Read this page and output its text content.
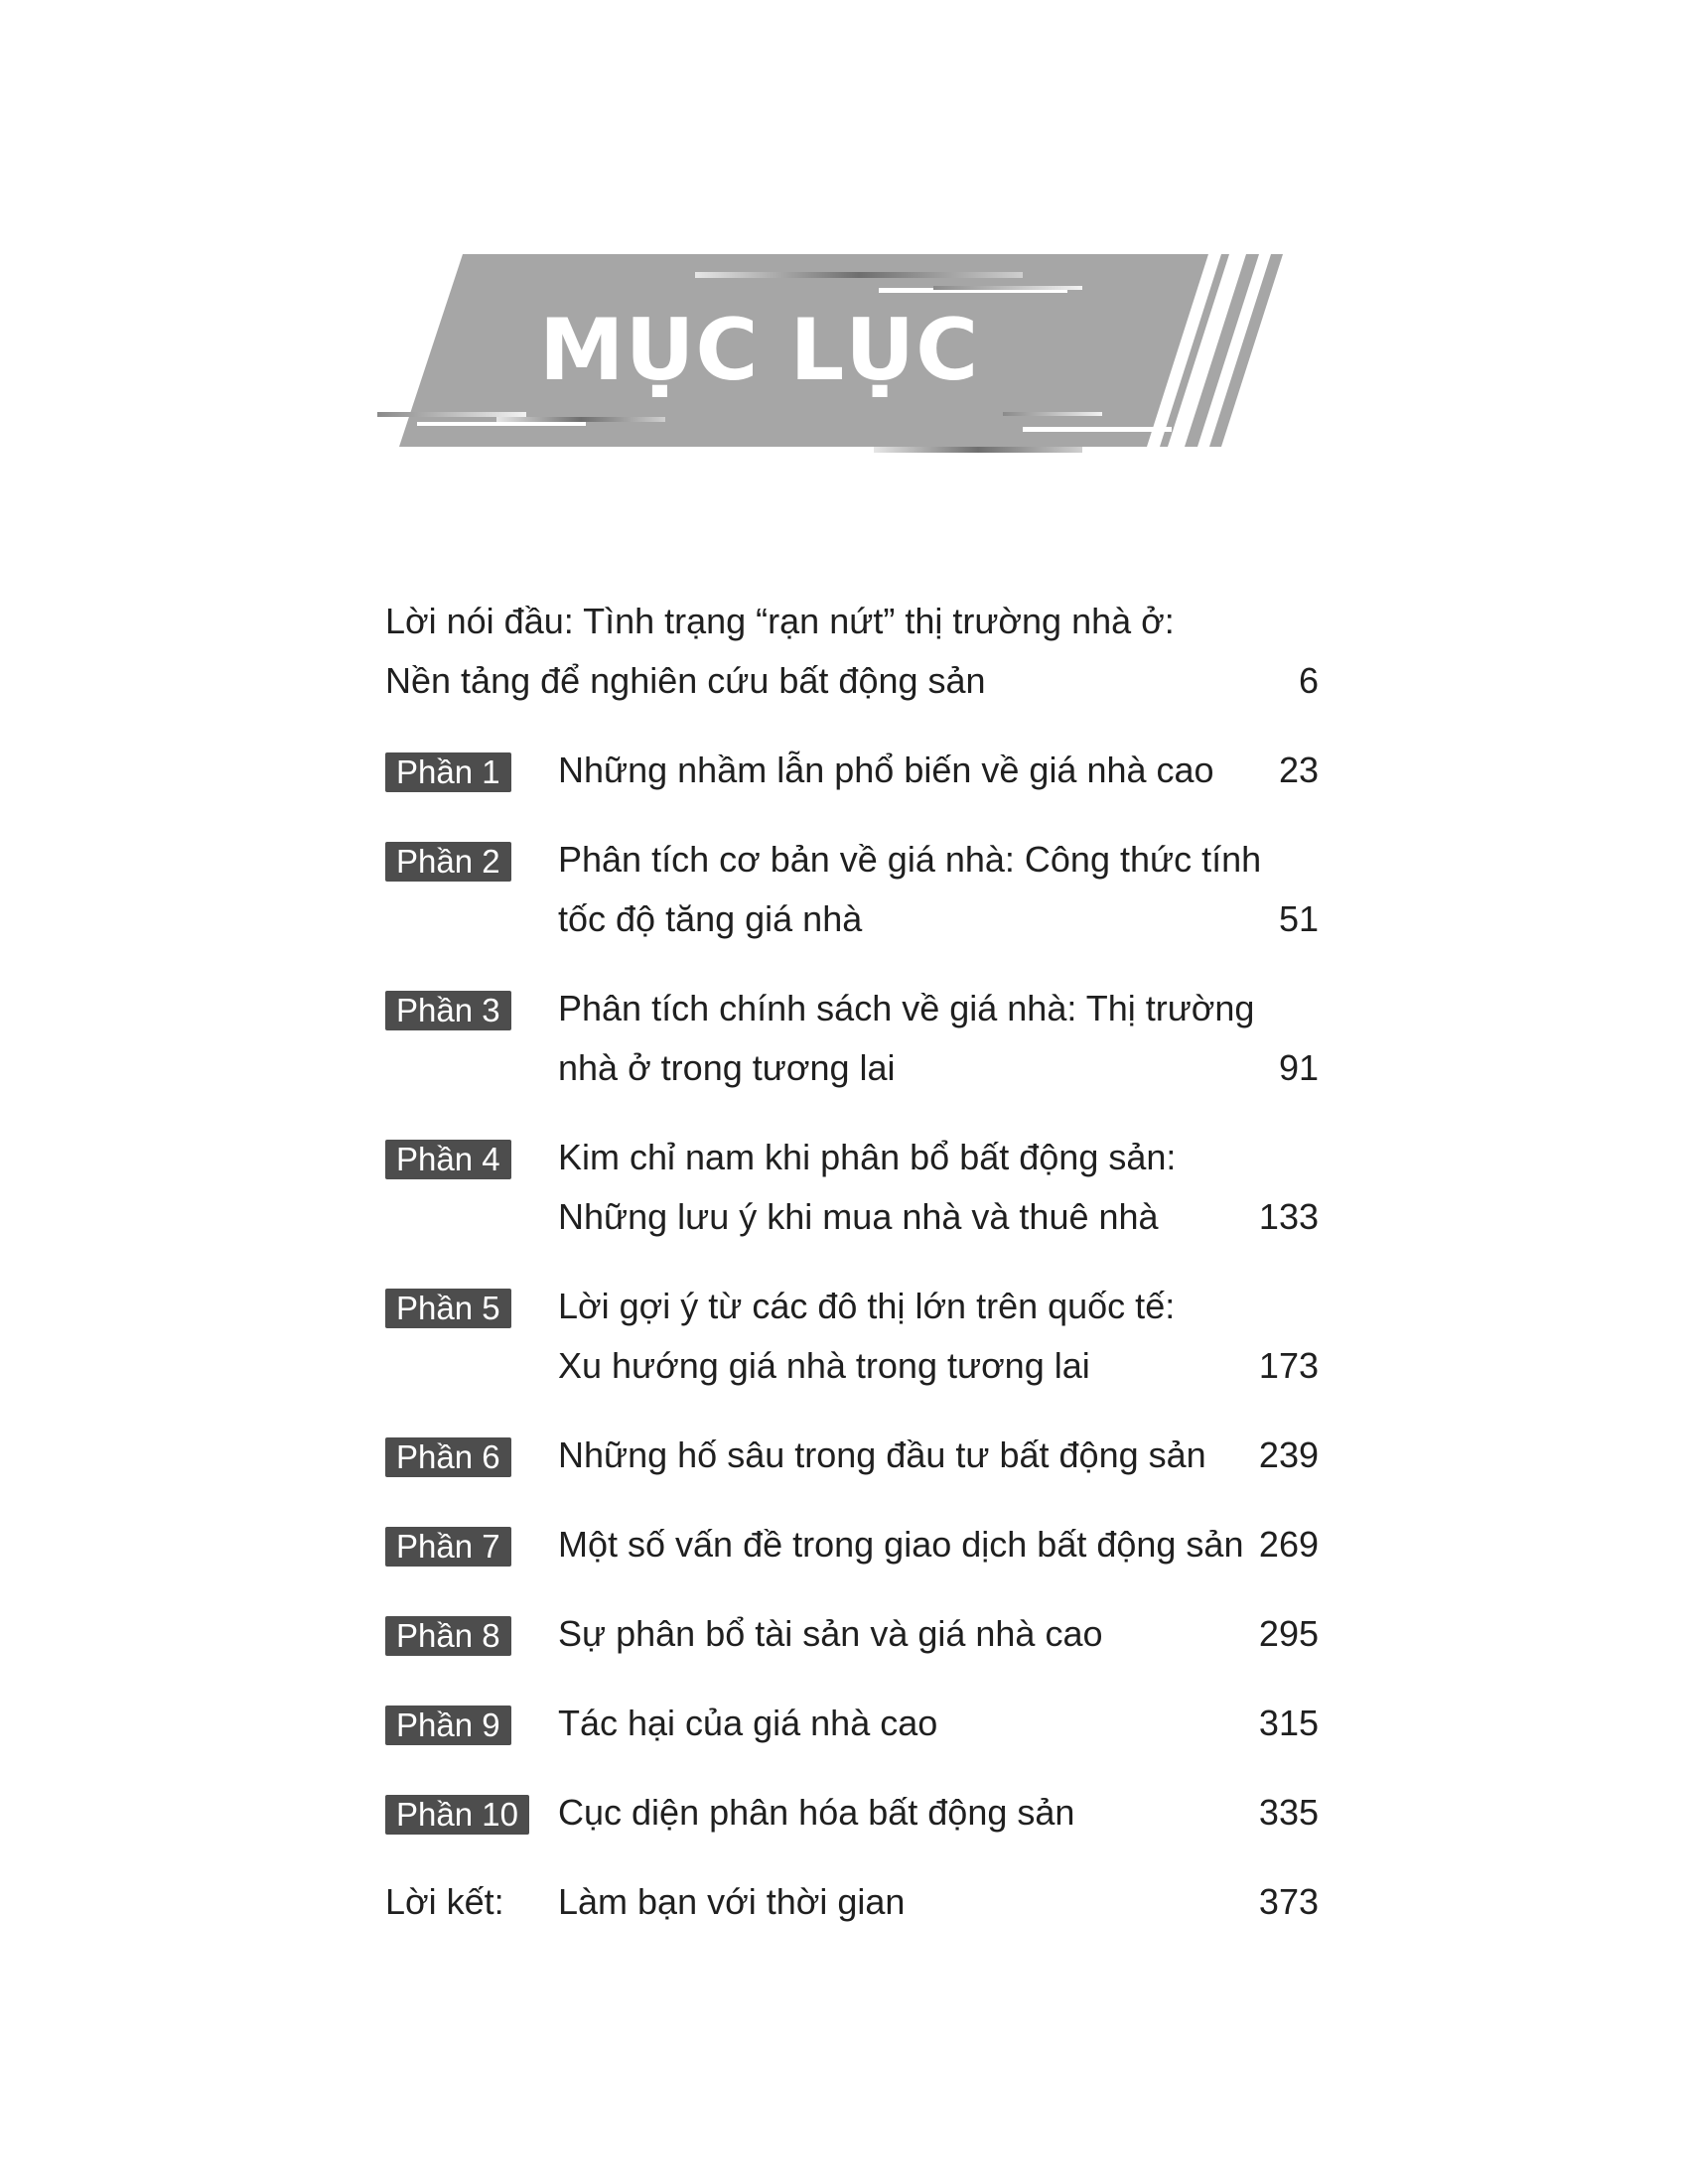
MỤC LỤC
Lời nói đầu: Tình trạng “rạn nứt” thị trường nhà ở:
Nền tảng để nghiên cứu bất động sản	6
Phần 1	Những nhầm lẫn phổ biến về giá nhà cao 23
Phần 2	Phân tích cơ bản về giá nhà: Công thức tính
tốc độ tăng giá nhà	51
Phần 3	Phân tích chính sách về giá nhà: Thị trường
nhà ở trong tương lai	91
Phần 4	Kim chỉ nam khi phân bổ bất động sản:
Những lưu ý khi mua nhà và thuê nhà	133
Phần 5	Lời gợi ý từ các đô thị lớn trên quốc tế:
Xu hướng giá nhà trong tương lai	173
Phần 6	Những hố sâu trong đầu tư bất động sản 239
Phần 7	Một số vấn đề trong giao dịch bất động sản 269
Phần 8	Sự phân bổ tài sản và giá nhà cao	295
Phần 9	Tác hại của giá nhà cao	315
Phần 10	Cục diện phân hóa bất động sản	335
Lời kết: Làm bạn với thời gian	373
